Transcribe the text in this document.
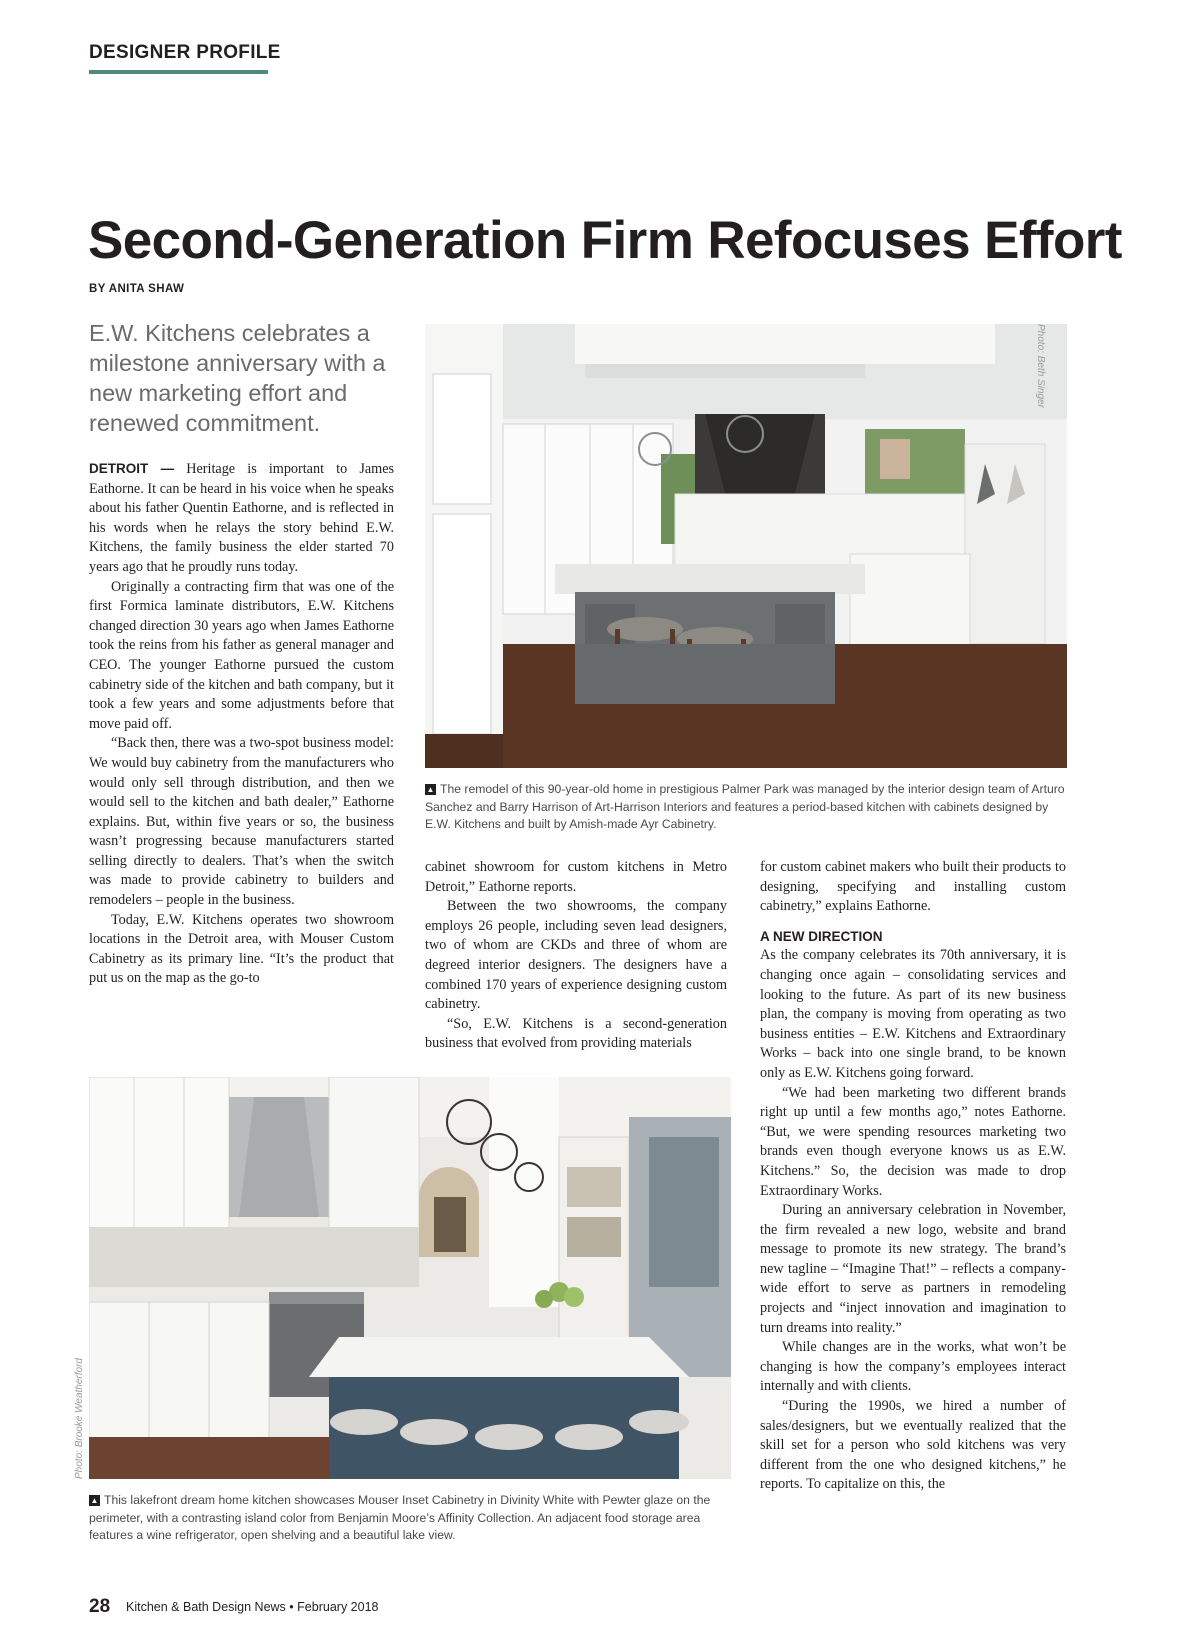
DESIGNER PROFILE
Second-Generation Firm Refocuses Effort
BY ANITA SHAW
E.W. Kitchens celebrates a milestone anniversary with a new marketing effort and renewed commitment.

DETROIT — Heritage is important to James Eathorne. It can be heard in his voice when he speaks about his father Quentin Eathorne, and is reflected in his words when he relays the story behind E.W. Kitchens, the family business the elder started 70 years ago that he proudly runs today.

Originally a contracting firm that was one of the first Formica laminate distributors, E.W. Kitchens changed direction 30 years ago when James Eathorne took the reins from his father as general manager and CEO. The younger Eathorne pursued the custom cabinetry side of the kitchen and bath company, but it took a few years and some adjustments before that move paid off.

“Back then, there was a two-spot business model: We would buy cabinetry from the manufacturers who would only sell through distribution, and then we would sell to the kitchen and bath dealer,” Eathorne explains. But, within five years or so, the business wasn’t progressing because manufacturers started selling directly to dealers. That’s when the switch was made to provide cabinetry to builders and remodelers – people in the business.

Today, E.W. Kitchens operates two showroom locations in the Detroit area, with Mouser Custom Cabinetry as its primary line. “It’s the product that put us on the map as the go-to

Photo: Beth Singer
▲ The remodel of this 90-year-old home in prestigious Palmer Park was managed by the interior design team of Arturo Sanchez and Barry Harrison of Art-Harrison Interiors and features a period-based kitchen with cabinets designed by E.W. Kitchens and built by Amish-made Ayr Cabinetry.

cabinet showroom for custom kitchens in Metro Detroit,” Eathorne reports.

Between the two showrooms, the company employs 26 people, including seven lead designers, two of whom are CKDs and three of whom are degreed interior designers. The designers have a combined 170 years of experience designing custom cabinetry.

“So, E.W. Kitchens is a second-generation business that evolved from providing materials

for custom cabinet makers who built their products to designing, specifying and installing custom cabinetry,” explains Eathorne.

A NEW DIRECTION

As the company celebrates its 70th anniversary, it is changing once again – consolidating services and looking to the future. As part of its new business plan, the company is moving from operating as two business entities – E.W. Kitchens and Extraordinary Works – back into one single brand, to be known only as E.W. Kitchens going forward.

“We had been marketing two different brands right up until a few months ago,” notes Eathorne. “But, we were spending resources marketing two brands even though everyone knows us as E.W. Kitchens.” So, the decision was made to drop Extraordinary Works.

During an anniversary celebration in November, the firm revealed a new logo, website and brand message to promote its new strategy. The brand’s new tagline – “Imagine That!” – reflects a company-wide effort to serve as partners in remodeling projects and “inject innovation and imagination to turn dreams into reality.”

While changes are in the works, what won’t be changing is how the company’s employees interact internally and with clients.

“During the 1990s, we hired a number of sales/designers, but we eventually realized that the skill set for a person who sold kitchens was very different from the one who designed kitchens,” he reports. To capitalize on this, the

Photo: Brooke Weatherford
▲ This lakefront dream home kitchen showcases Mouser Inset Cabinetry in Divinity White with Pewter glaze on the perimeter, with a contrasting island color from Benjamin Moore’s Affinity Collection. An adjacent food storage area features a wine refrigerator, open shelving and a beautiful lake view.
28 Kitchen & Bath Design News • February 2018
